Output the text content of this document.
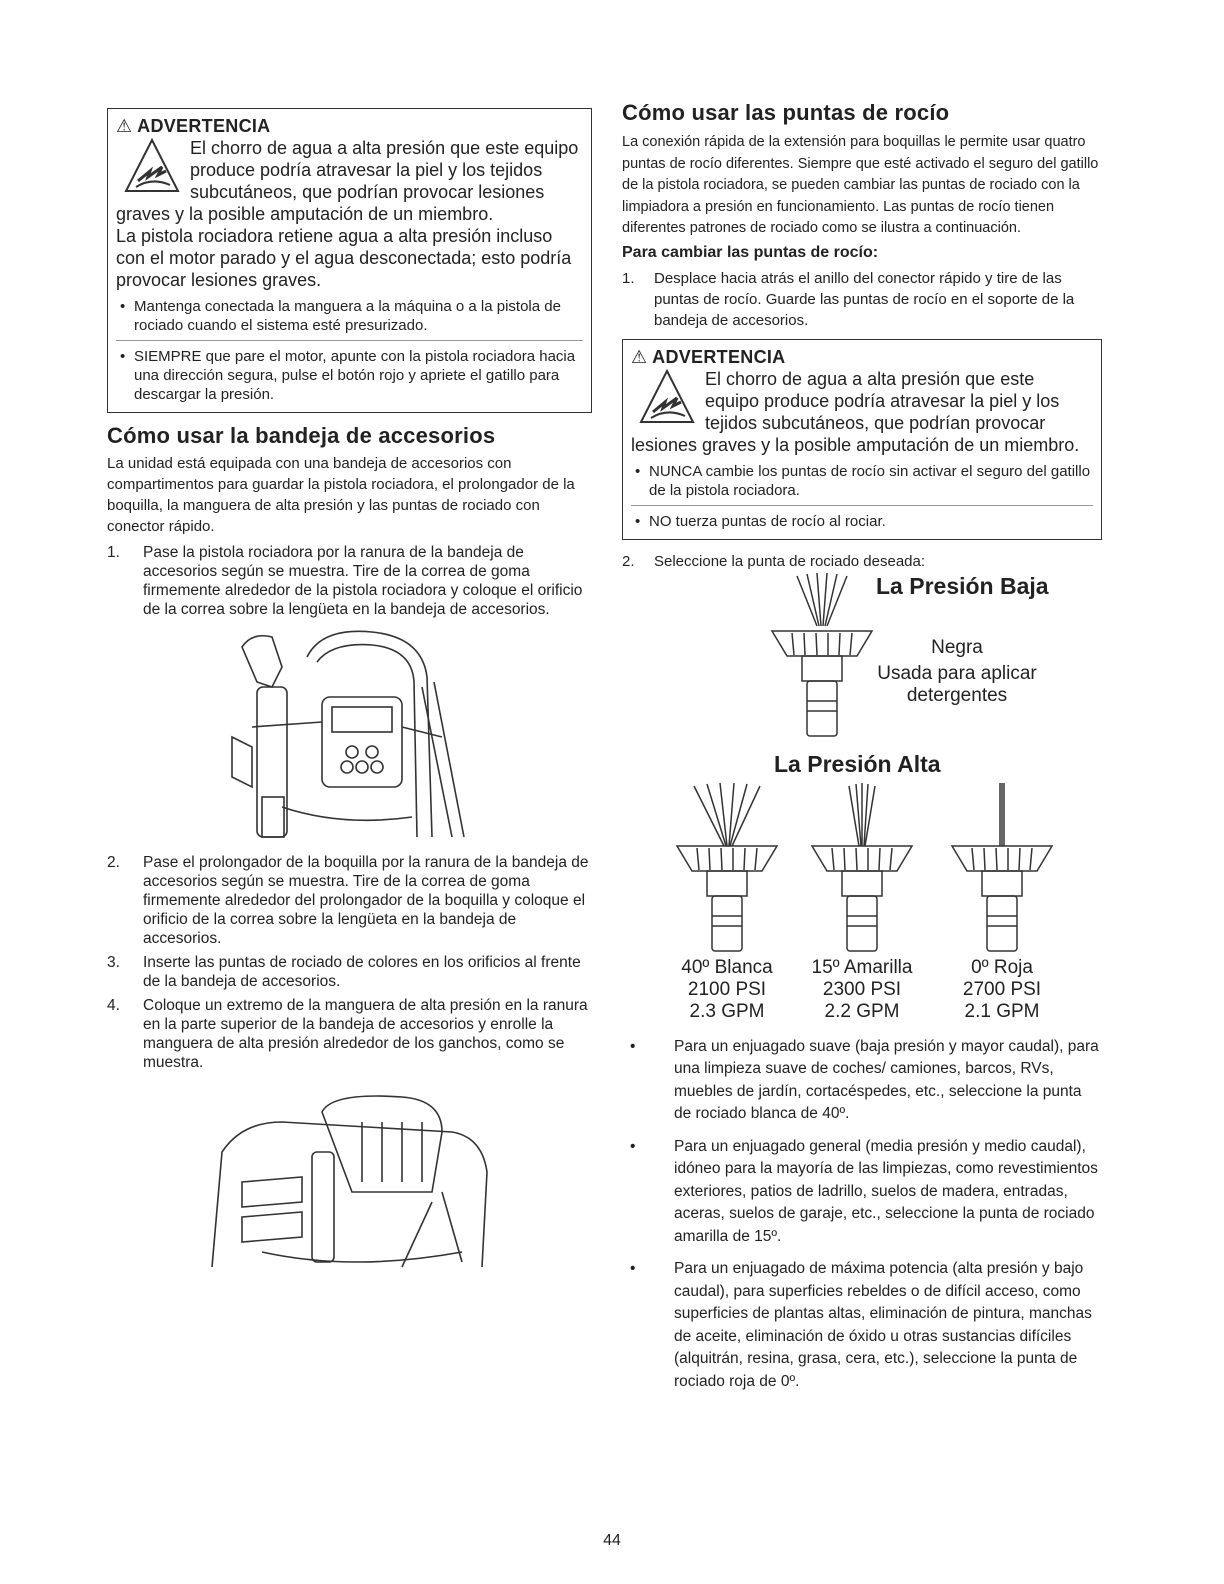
⚠ ADVERTENCIA
El chorro de agua a alta presión que este equipo produce podría atravesar la piel y los tejidos subcutáneos, que podrían provocar lesiones graves y la posible amputación de un miembro.
La pistola rociadora retiene agua a alta presión incluso con el motor parado y el agua desconectada; esto podría provocar lesiones graves.
• Mantenga conectada la manguera a la máquina o a la pistola de rociado cuando el sistema esté presurizado.
• SIEMPRE que pare el motor, apunte con la pistola rociadora hacia una dirección segura, pulse el botón rojo y apriete el gatillo para descargar la presión.
Cómo usar la bandeja de accesorios
La unidad está equipada con una bandeja de accesorios con compartimentos para guardar la pistola rociadora, el prolongador de la boquilla, la manguera de alta presión y las puntas de rociado con conector rápido.
1. Pase la pistola rociadora por la ranura de la bandeja de accesorios según se muestra. Tire de la correa de goma firmemente alrededor de la pistola rociadora y coloque el orificio de la correa sobre la lengüeta en la bandeja de accesorios.
2. Pase el prolongador de la boquilla por la ranura de la bandeja de accesorios según se muestra. Tire de la correa de goma firmemente alrededor del prolongador de la boquilla y coloque el orificio de la correa sobre la lengüeta en la bandeja de accesorios.
3. Inserte las puntas de rociado de colores en los orificios al frente de la bandeja de accesorios.
4. Coloque un extremo de la manguera de alta presión en la ranura en la parte superior de la bandeja de accesorios y enrolle la manguera de alta presión alrededor de los ganchos, como se muestra.
Cómo usar las puntas de rocío
La conexión rápida de la extensión para boquillas le permite usar quatro puntas de rocío diferentes. Siempre que esté activado el seguro del gatillo de la pistola rociadora, se pueden cambiar las puntas de rociado con la limpiadora a presión en funcionamiento. Las puntas de rocío tienen diferentes patrones de rociado como se ilustra a continuación.
Para cambiar las puntas de rocío:
1. Desplace hacia atrás el anillo del conector rápido y tire de las puntas de rocío. Guarde las puntas de rocío en el soporte de la bandeja de accesorios.
⚠ ADVERTENCIA
El chorro de agua a alta presión que este equipo produce podría atravesar la piel y los tejidos subcutáneos, que podrían provocar lesiones graves y la posible amputación de un miembro.
• NUNCA cambie los puntas de rocío sin activar el seguro del gatillo de la pistola rociadora.
• NO tuerza puntas de rocío al rociar.
2. Seleccione la punta de rociado deseada:
La Presión Baja
Negra
Usada para aplicar
detergentes
La Presión Alta
40º Blanca
2100 PSI
2.3 GPM
15º Amarilla
2300 PSI
2.2 GPM
0º Roja
2700 PSI
2.1 GPM
• Para un enjuagado suave (baja presión y mayor caudal), para una limpieza suave de coches/ camiones, barcos, RVs, muebles de jardín, cortacéspedes, etc., seleccione la punta de rociado blanca de 40º.
• Para un enjuagado general (media presión y medio caudal), idóneo para la mayoría de las limpiezas, como revestimientos exteriores, patios de ladrillo, suelos de madera, entradas, aceras, suelos de garaje, etc., seleccione la punta de rociado amarilla de 15º.
• Para un enjuagado de máxima potencia (alta presión y bajo caudal), para superficies rebeldes o de difícil acceso, como superficies de plantas altas, eliminación de pintura, manchas de aceite, eliminación de óxido u otras sustancias difíciles (alquitrán, resina, grasa, cera, etc.), seleccione la punta de rociado roja de 0º.
44
